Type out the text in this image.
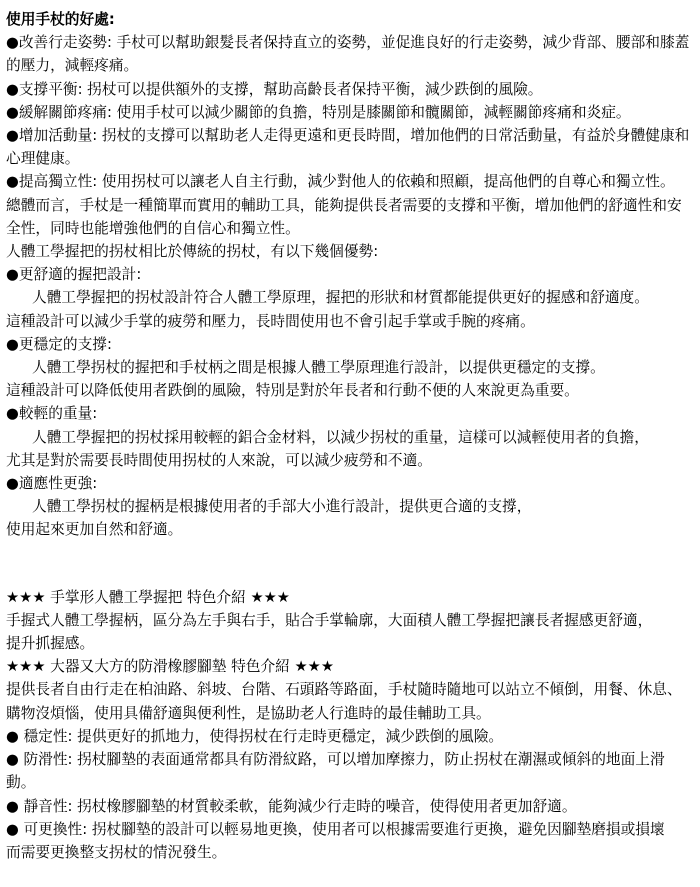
使用手杖的好處:

●改善行走姿勢: 手杖可以幫助銀髮長者保持直立的姿勢，並促進良好的行走姿勢，減少背部、腰部和膝蓋的壓力，減輕疼痛。

●支撐平衡: 拐杖可以提供額外的支撐，幫助高齡長者保持平衡，減少跌倒的風險。

●緩解關節疼痛: 使用手杖可以減少關節的負擔，特別是膝關節和髖關節，減輕關節疼痛和炎症。

●增加活動量: 拐杖的支撐可以幫助老人走得更遠和更長時間，增加他們的日常活動量，有益於身體健康和心理健康。

●提高獨立性: 使用拐杖可以讓老人自主行動，減少對他人的依賴和照顧，提高他們的自尊心和獨立性。

總體而言，手杖是一種簡單而實用的輔助工具，能夠提供長者需要的支撐和平衡，增加他們的舒適性和安全性，同時也能增強他們的自信心和獨立性。

人體工學握把的拐杖相比於傳統的拐杖，有以下幾個優勢:

●更舒適的握把設計:

人體工學握把的拐杖設計符合人體工學原理，握把的形狀和材質都能提供更好的握感和舒適度。

這種設計可以減少手掌的疲勞和壓力，長時間使用也不會引起手掌或手腕的疼痛。

●更穩定的支撐:

人體工學拐杖的握把和手杖柄之間是根據人體工學原理進行設計，以提供更穩定的支撐。

這種設計可以降低使用者跌倒的風險，特別是對於年長者和行動不便的人來說更為重要。

●較輕的重量:

人體工學握把的拐杖採用較輕的鋁合金材料，以減少拐杖的重量，這樣可以減輕使用者的負擔，

尤其是對於需要長時間使用拐杖的人來說，可以減少疲勞和不適。

●適應性更強:

人體工學拐杖的握柄是根據使用者的手部大小進行設計，提供更合適的支撐，

使用起來更加自然和舒適。

★★★ 手掌形人體工學握把 特色介紹 ★★★

手握式人體工學握柄，區分為左手與右手，貼合手掌輪廓，大面積人體工學握把讓長者握感更舒適，

提升抓握感。

★★★ 大器又大方的防滑橡膠腳墊 特色介紹 ★★★

提供長者自由行走在柏油路、斜坡、台階、石頭路等路面，手杖隨時隨地可以站立不傾倒，用餐、休息、

購物沒煩惱，使用具備舒適與便利性，是協助老人行進時的最佳輔助工具。

● 穩定性: 提供更好的抓地力，使得拐杖在行走時更穩定，減少跌倒的風險。

● 防滑性: 拐杖腳墊的表面通常都具有防滑紋路，可以增加摩擦力，防止拐杖在潮濕或傾斜的地面上滑動。

● 靜音性: 拐杖橡膠腳墊的材質較柔軟，能夠減少行走時的噪音，使得使用者更加舒適。

● 可更換性: 拐杖腳墊的設計可以輕易地更換，使用者可以根據需要進行更換，避免因腳墊磨損或損壞

而需要更換整支拐杖的情況發生。
